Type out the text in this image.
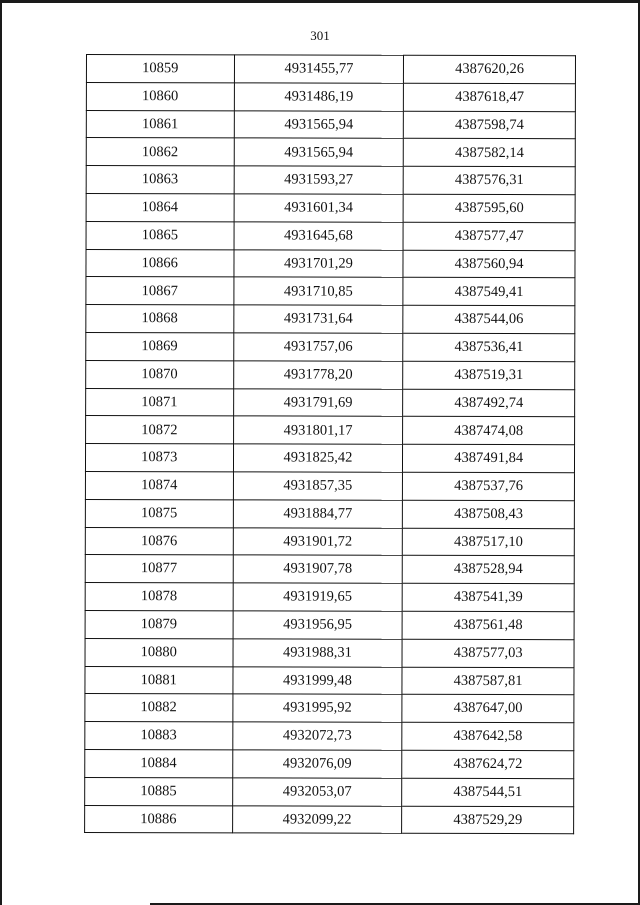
301
10859	4931455,77	4387620,26
10860	4931486,19	4387618,47
10861	4931565,94	4387598,74
10862	4931565,94	4387582,14
10863	4931593,27	4387576,31
10864	4931601,34	4387595,60
10865	4931645,68	4387577,47
10866	4931701,29	4387560,94
10867	4931710,85	4387549,41
10868	4931731,64	4387544,06
10869	4931757,06	4387536,41
10870	4931778,20	4387519,31
10871	4931791,69	4387492,74
10872	4931801,17	4387474,08
10873	4931825,42	4387491,84
10874	4931857,35	4387537,76
10875	4931884,77	4387508,43
10876	4931901,72	4387517,10
10877	4931907,78	4387528,94
10878	4931919,65	4387541,39
10879	4931956,95	4387561,48
10880	4931988,31	4387577,03
10881	4931999,48	4387587,81
10882	4931995,92	4387647,00
10883	4932072,73	4387642,58
10884	4932076,09	4387624,72
10885	4932053,07	4387544,51
10886	4932099,22	4387529,29
